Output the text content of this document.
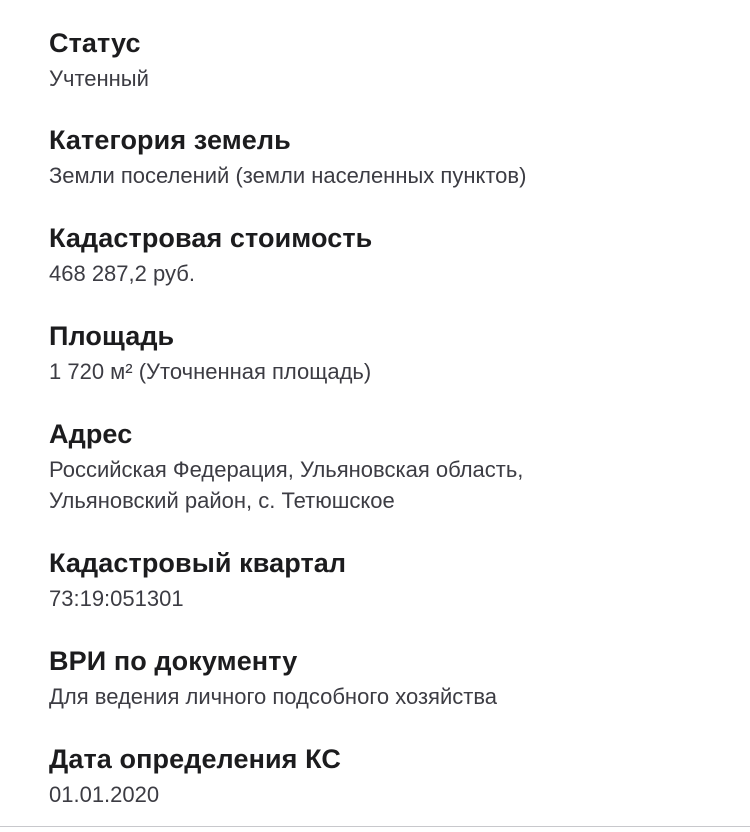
Статус
Учтенный
Категория земель
Земли поселений (земли населенных пунктов)
Кадастровая стоимость
468 287,2 руб.
Площадь
1 720 м² (Уточненная площадь)
Адрес
Российская Федерация, Ульяновская область,
Ульяновский район, с. Тетюшское
Кадастровый квартал
73:19:051301
ВРИ по документу
Для ведения личного подсобного хозяйства
Дата определения КС
01.01.2020
